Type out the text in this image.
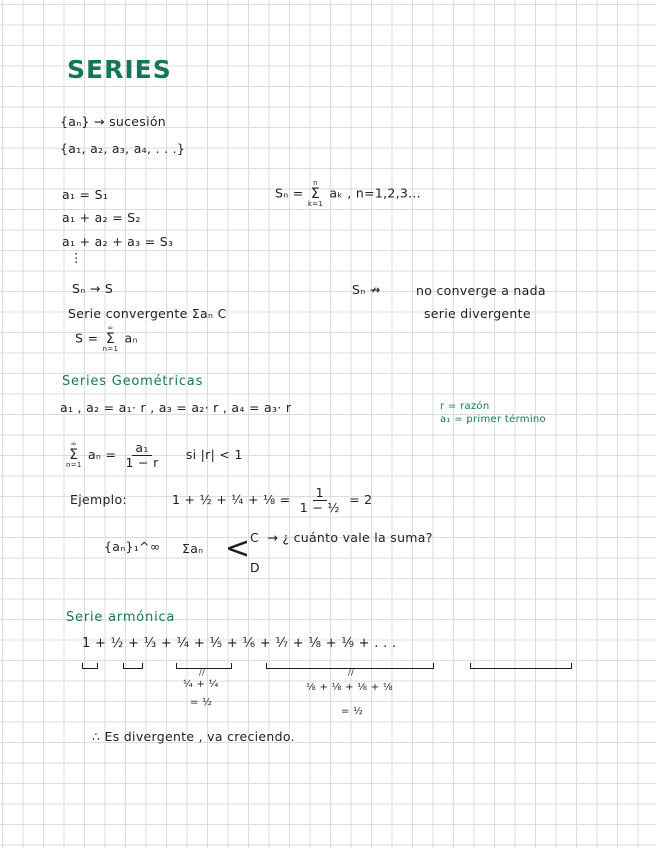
SERIES
{aₙ} → sucesión
{a₁, a₂, a₃, a₄, . . .}
a₁ = S₁
a₁ + a₂ = S₂
a₁ + a₂ + a₃ = S₃
⋮
Sₙ =
n
Σ
k=1
aₖ , n=1,2,3...
Sₙ → S
Serie convergente Σaₙ C
S =
∞
Σ
n=1
aₙ
Sₙ ↛	no converge a nada
serie divergente
Series Geométricas
a₁ , a₂ = a₁· r , a₃ = a₂· r , a₄ = a₃· r	r = razón
a₁ = primer término
∞
Σ
n=1
$a_n = \frac{\text{a₁}}{1 - r}$ si |r| < 1
Ejemplo:	1 + ½ + ¼ + ⅛ = $\frac{1}{\text{1 − ½}} = 2$
{aₙ}₁^∞ Σaₙ < C → ¿ cuánto vale la suma?
D
Serie armónica
1 + ½ + ⅓ + ¼ + ⅕ + ⅙ + ⅐ + ⅛ + ⅑ + . . .
∕∕
¼ + ¼
= ½
∕∕
⅛ + ⅛ + ⅛ + ⅛
= ½
∴ Es divergente , va creciendo.
